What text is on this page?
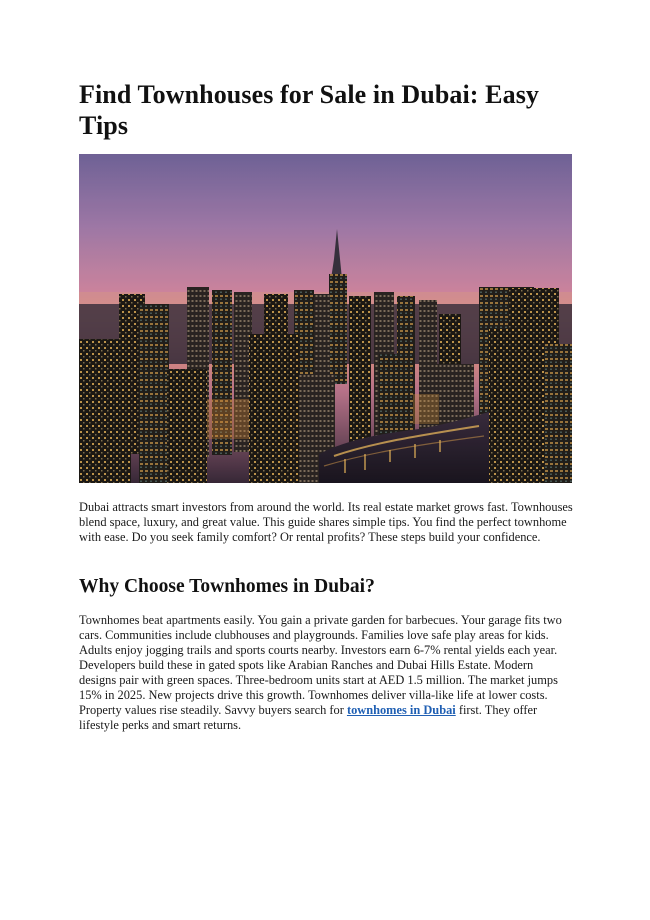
Find Townhouses for Sale in Dubai: Easy Tips

Dubai attracts smart investors from around the world. Its real estate market grows fast. Townhouses blend space, luxury, and great value. This guide shares simple tips. You find the perfect townhome with ease. Do you seek family comfort? Or rental profits? These steps build your confidence.

Why Choose Townhomes in Dubai?

Townhomes beat apartments easily. You gain a private garden for barbecues. Your garage fits two cars. Communities include clubhouses and playgrounds. Families love safe play areas for kids. Adults enjoy jogging trails and sports courts nearby. Investors earn 6-7% rental yields each year. Developers build these in gated spots like Arabian Ranches and Dubai Hills Estate. Modern designs pair with green spaces. Three-bedroom units start at AED 1.5 million. The market jumps 15% in 2025. New projects drive this growth. Townhomes deliver villa-like life at lower costs. Property values rise steadily. Savvy buyers search for townhomes in Dubai first. They offer lifestyle perks and smart returns.
